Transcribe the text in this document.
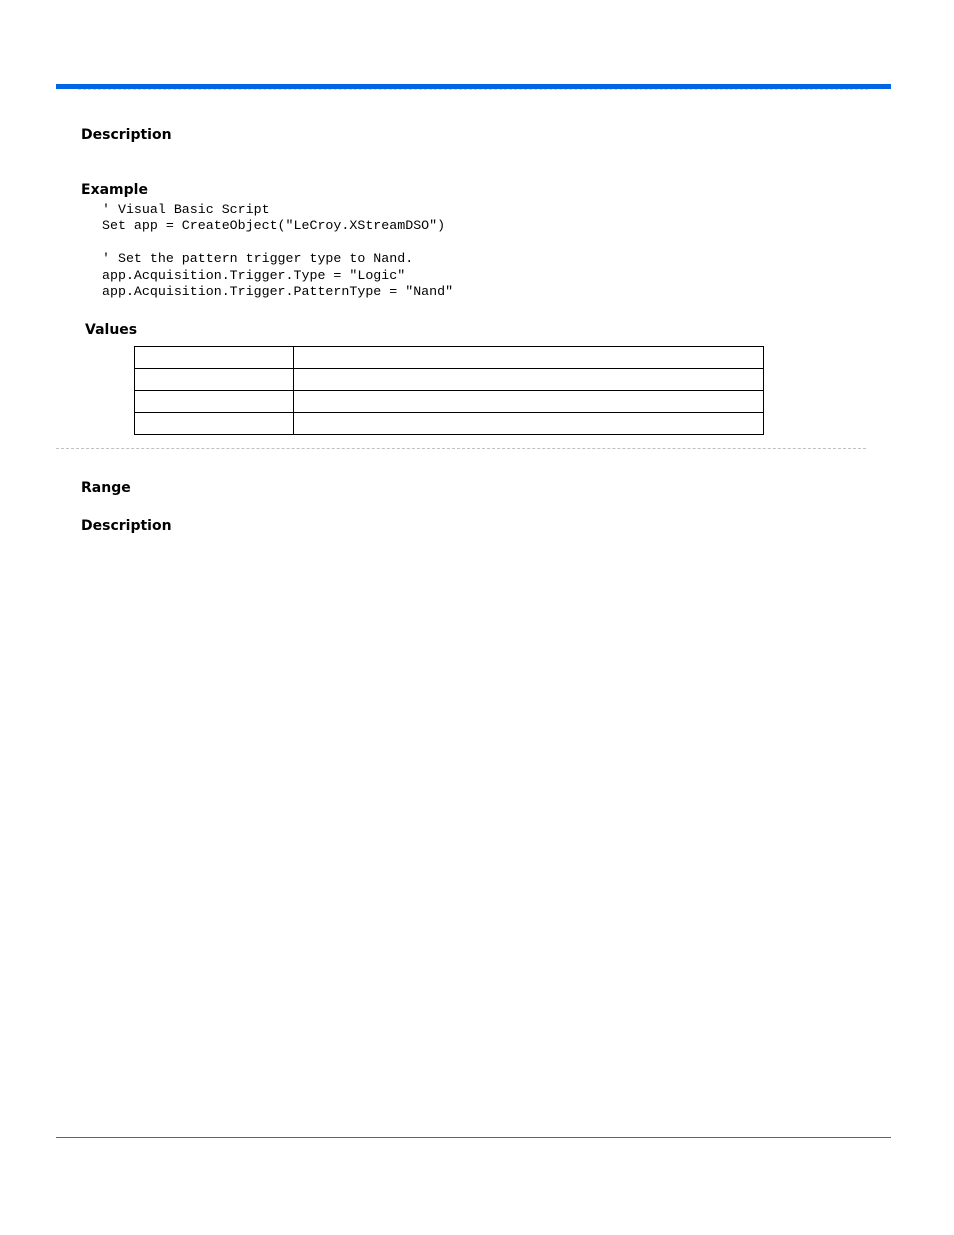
Description
Example
' Visual Basic Script
Set app = CreateObject("LeCroy.XStreamDSO")

' Set the pattern trigger type to Nand.
app.Acquisition.Trigger.Type = "Logic"
app.Acquisition.Trigger.PatternType = "Nand"
Values

Range
Description
